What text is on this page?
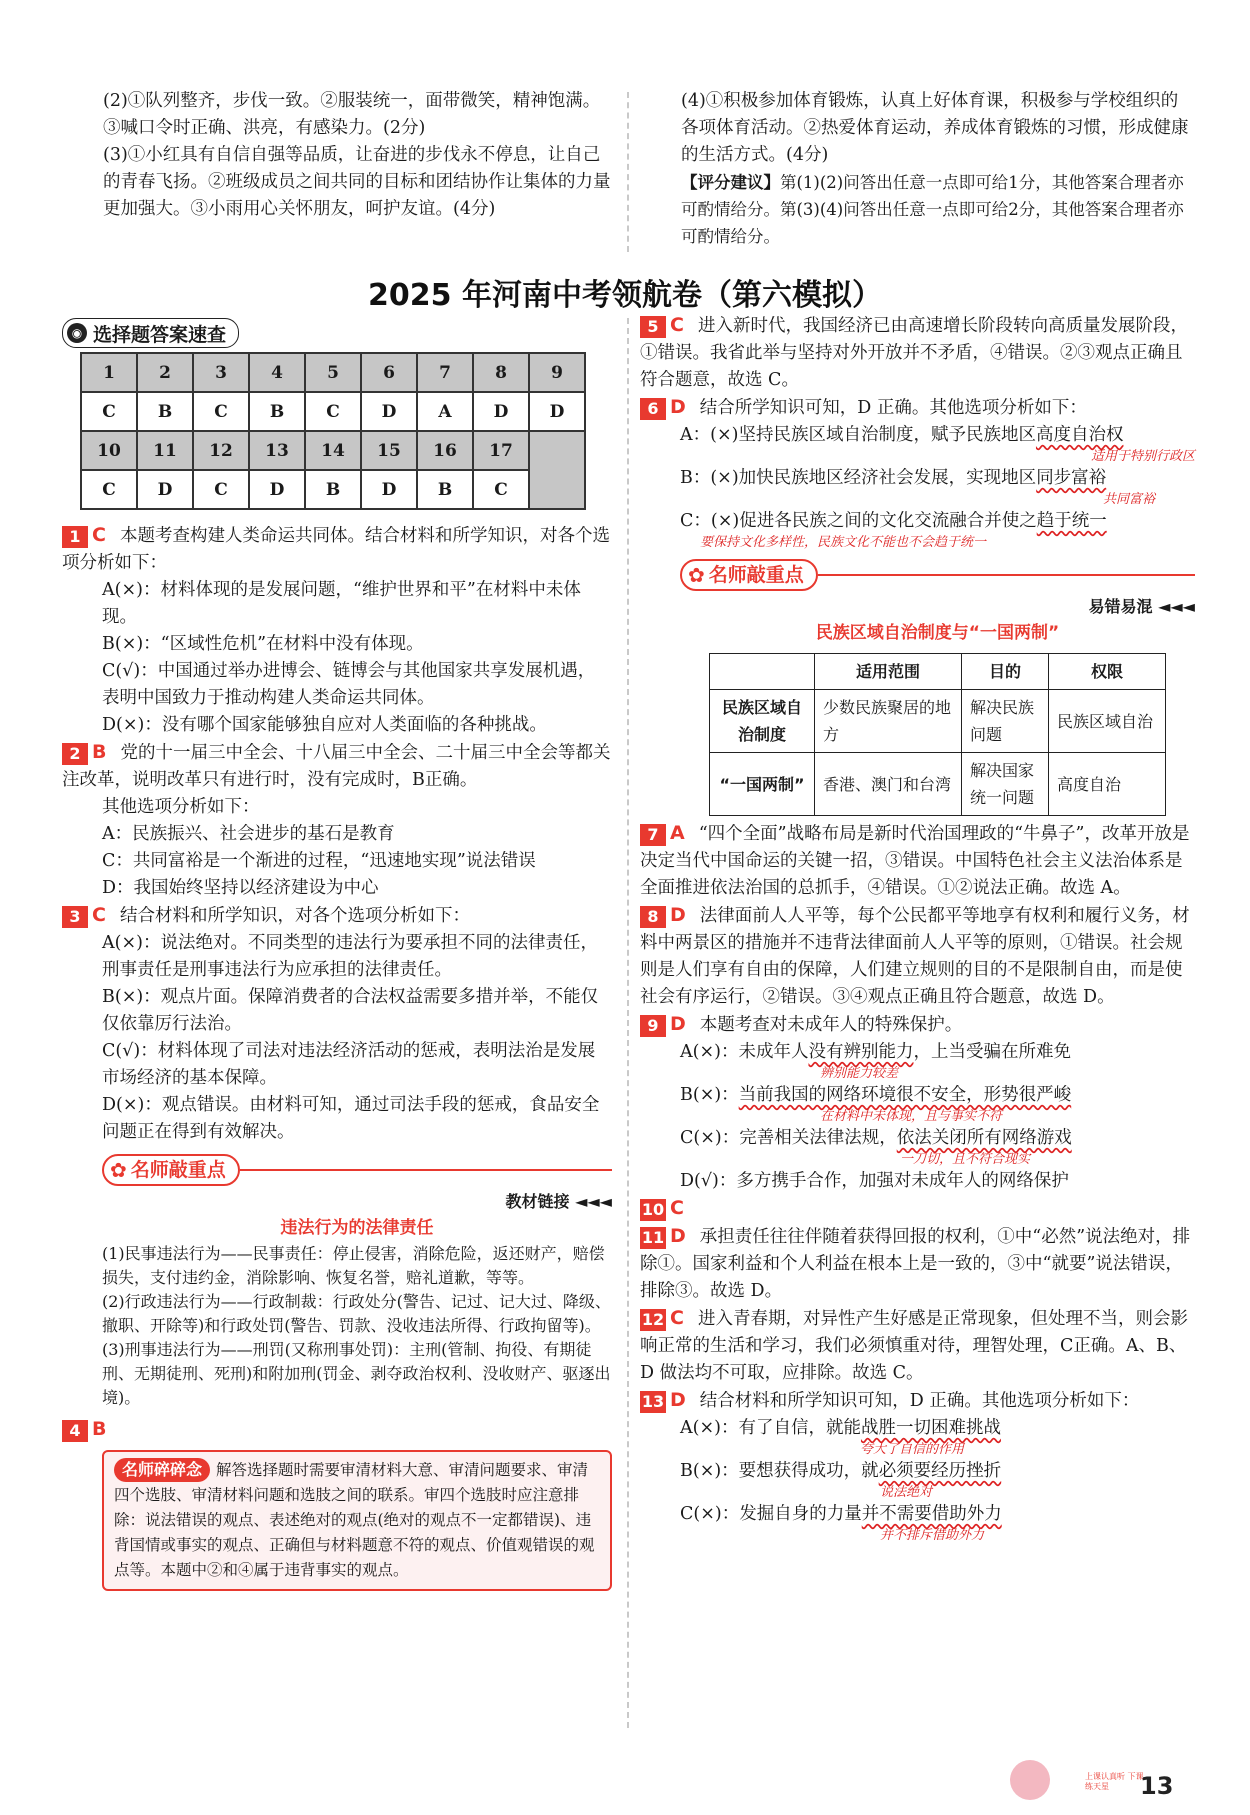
(2)①队列整齐，步伐一致。②服装统一，面带微笑，精神饱满。③喊口令时正确、洪亮，有感染力。(2分)

(3)①小红具有自信自强等品质，让奋进的步伐永不停息，让自己的青春飞扬。②班级成员之间共同的目标和团结协作让集体的力量更加强大。③小雨用心关怀朋友，呵护友谊。(4分)

(4)①积极参加体育锻炼，认真上好体育课，积极参与学校组织的各项体育活动。②热爱体育运动，养成体育锻炼的习惯，形成健康的生活方式。(4分)

【评分建议】第(1)(2)问答出任意一点即可给1分，其他答案合理者亦可酌情给分。第(3)(4)问答出任意一点即可给2分，其他答案合理者亦可酌情给分。

2025 年河南中考领航卷（第六模拟）
◉ 选择题答案速查
1	2	3	4	5	6	7	8	9
C	B	C	B	C	D	A	D	D
10	11	12	13	14	15	16	17	
C	D	C	D	B	D	B	C	

1 C 本题考查构建人类命运共同体。结合材料和所学知识，对各个选项分析如下：

A(×)：材料体现的是发展问题，“维护世界和平”在材料中未体现。

B(×)：“区域性危机”在材料中没有体现。

C(√)：中国通过举办进博会、链博会与其他国家共享发展机遇，表明中国致力于推动构建人类命运共同体。

D(×)：没有哪个国家能够独自应对人类面临的各种挑战。

2 B 党的十一届三中全会、十八届三中全会、二十届三中全会等都关注改革，说明改革只有进行时，没有完成时，B正确。

其他选项分析如下：

A：民族振兴、社会进步的基石是教育

C：共同富裕是一个渐进的过程，“迅速地实现”说法错误

D：我国始终坚持以经济建设为中心

3 C 结合材料和所学知识，对各个选项分析如下：

A(×)：说法绝对。不同类型的违法行为要承担不同的法律责任，刑事责任是刑事违法行为应承担的法律责任。

B(×)：观点片面。保障消费者的合法权益需要多措并举，不能仅仅依靠厉行法治。

C(√)：材料体现了司法对违法经济活动的惩戒，表明法治是发展市场经济的基本保障。

D(×)：观点错误。由材料可知，通过司法手段的惩戒，食品安全问题正在得到有效解决。

✿ 名师敲重点
教材链接 ◄◄◄
违法行为的法律责任

(1)民事违法行为——民事责任：停止侵害，消除危险，返还财产，赔偿损失，支付违约金，消除影响、恢复名誉，赔礼道歉，等等。

(2)行政违法行为——行政制裁：行政处分(警告、记过、记大过、降级、撤职、开除等)和行政处罚(警告、罚款、没收违法所得、行政拘留等)。

(3)刑事违法行为——刑罚(又称刑事处罚)：主刑(管制、拘役、有期徒刑、无期徒刑、死刑)和附加刑(罚金、剥夺政治权利、没收财产、驱逐出境)。

4 B

名师碎碎念 解答选择题时需要审清材料大意、审清问题要求、审清四个选肢、审清材料问题和选肢之间的联系。审四个选肢时应注意排除：说法错误的观点、表述绝对的观点(绝对的观点不一定都错误)、违背国情或事实的观点、正确但与材料题意不符的观点、价值观错误的观点等。本题中②和④属于违背事实的观点。

5 C 进入新时代，我国经济已由高速增长阶段转向高质量发展阶段，①错误。我省此举与坚持对外开放并不矛盾，④错误。②③观点正确且符合题意，故选 C。

6 D 结合所学知识可知，D 正确。其他选项分析如下：

A：(×)坚持民族区域自治制度，赋予民族地区高度自治权

适用于特别行政区

B：(×)加快民族地区经济社会发展，实现地区同步富裕

共同富裕

C：(×)促进各民族之间的文化交流融合并使之趋于统一

要保持文化多样性，民族文化不能也不会趋于统一
✿ 名师敲重点
易错易混 ◄◄◄
民族区域自治制度与“一国两制”
	适用范围	目的	权限
民族区域自治制度	少数民族聚居的地方	解决民族问题	民族区域自治
“一国两制”	香港、澳门和台湾	解决国家统一问题	高度自治

7 A “四个全面”战略布局是新时代治国理政的“牛鼻子”，改革开放是决定当代中国命运的关键一招，③错误。中国特色社会主义法治体系是全面推进依法治国的总抓手，④错误。①②说法正确。故选 A。

8 D 法律面前人人平等，每个公民都平等地享有权利和履行义务，材料中两景区的措施并不违背法律面前人人平等的原则，①错误。社会规则是人们享有自由的保障，人们建立规则的目的不是限制自由，而是使社会有序运行，②错误。③④观点正确且符合题意，故选 D。

9 D 本题考查对未成年人的特殊保护。

A(×)：未成年人没有辨别能力，上当受骗在所难免

辨别能力较差

B(×)：当前我国的网络环境很不安全，形势很严峻

在材料中未体现，且与事实不符

C(×)：完善相关法律法规，依法关闭所有网络游戏

一刀切，且不符合现实

D(√)：多方携手合作，加强对未成年人的网络保护

10 C

11 D 承担责任往往伴随着获得回报的权利，①中“必然”说法绝对，排除①。国家利益和个人利益在根本上是一致的，③中“就要”说法错误，排除③。故选 D。

12 C 进入青春期，对异性产生好感是正常现象，但处理不当，则会影响正常的生活和学习，我们必须慎重对待，理智处理，C正确。A、B、D 做法均不可取，应排除。故选 C。

13 D 结合材料和所学知识可知，D 正确。其他选项分析如下：

A(×)：有了自信，就能战胜一切困难挑战

夸大了自信的作用

B(×)：要想获得成功，就必须要经历挫折

说法绝对

C(×)：发掘自身的力量并不需要借助外力

并不排斥借助外力
上课认真听 下课练天星	13
